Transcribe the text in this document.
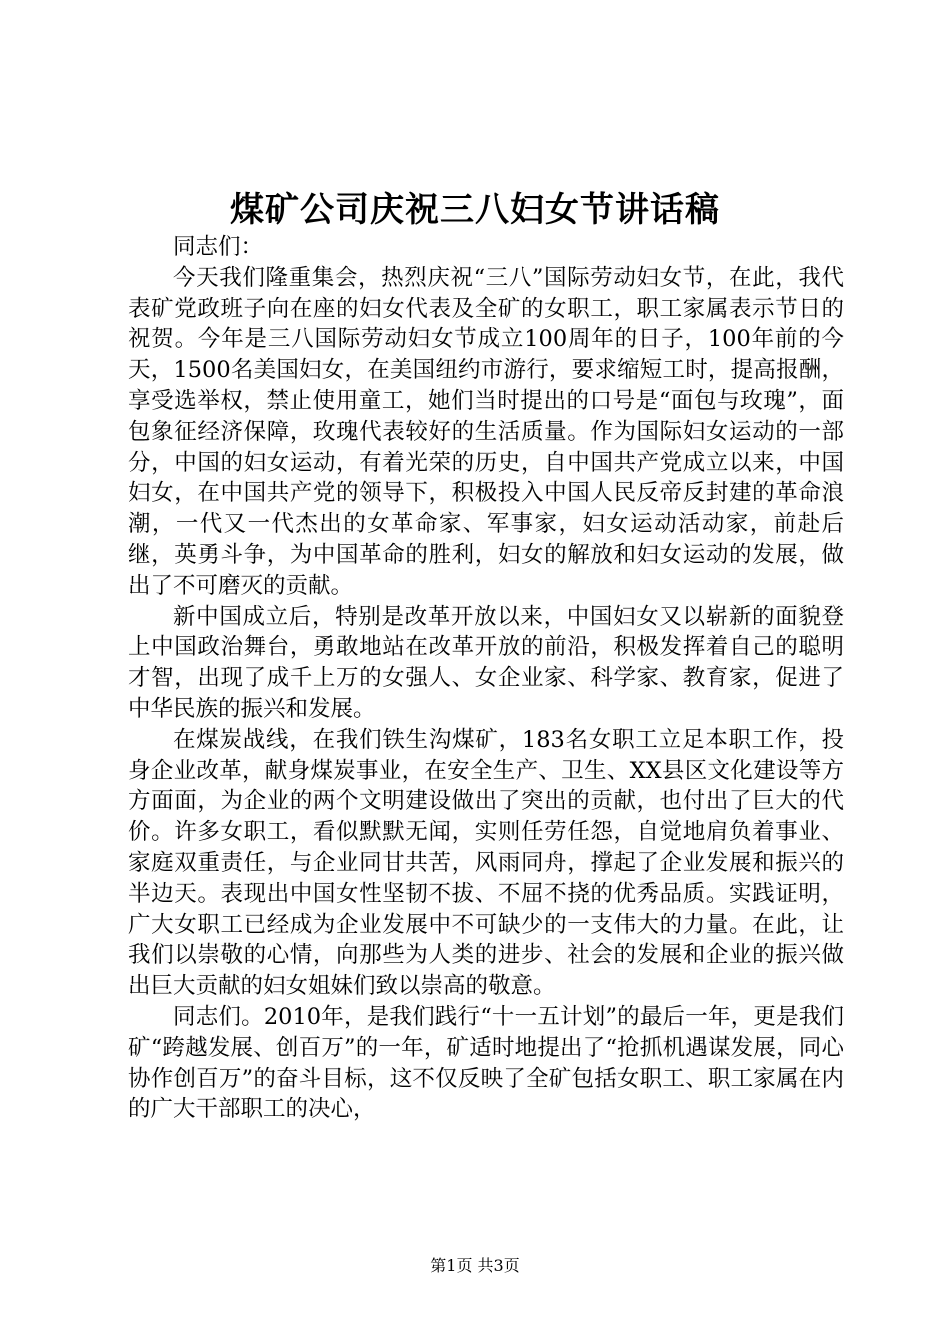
煤矿公司庆祝三八妇女节讲话稿

同志们：

今天我们隆重集会，热烈庆祝“三八”国际劳动妇女节，在此，我代表矿党政班子向在座的妇女代表及全矿的女职工，职工家属表示节日的祝贺。今年是三八国际劳动妇女节成立100周年的日子，100年前的今天，1500名美国妇女，在美国纽约市游行，要求缩短工时，提高报酬，享受选举权，禁止使用童工，她们当时提出的口号是“面包与玫瑰”，面包象征经济保障，玫瑰代表较好的生活质量。作为国际妇女运动的一部分，中国的妇女运动，有着光荣的历史，自中国共产党成立以来，中国妇女，在中国共产党的领导下，积极投入中国人民反帝反封建的革命浪潮，一代又一代杰出的女革命家、军事家，妇女运动活动家，前赴后继，英勇斗争，为中国革命的胜利，妇女的解放和妇女运动的发展，做出了不可磨灭的贡献。

新中国成立后，特别是改革开放以来，中国妇女又以崭新的面貌登上中国政治舞台，勇敢地站在改革开放的前沿，积极发挥着自己的聪明才智，出现了成千上万的女强人、女企业家、科学家、教育家，促进了中华民族的振兴和发展。

在煤炭战线，在我们铁生沟煤矿，183名女职工立足本职工作，投身企业改革，献身煤炭事业，在安全生产、卫生、XX县区文化建设等方方面面，为企业的两个文明建设做出了突出的贡献，也付出了巨大的代价。许多女职工，看似默默无闻，实则任劳任怨，自觉地肩负着事业、家庭双重责任，与企业同甘共苦，风雨同舟，撑起了企业发展和振兴的半边天。表现出中国女性坚韧不拔、不屈不挠的优秀品质。实践证明，广大女职工已经成为企业发展中不可缺少的一支伟大的力量。在此，让我们以崇敬的心情，向那些为人类的进步、社会的发展和企业的振兴做出巨大贡献的妇女姐妹们致以崇高的敬意。

同志们。2010年，是我们践行“十一五计划”的最后一年，更是我们矿“跨越发展、创百万”的一年，矿适时地提出了“抢抓机遇谋发展，同心协作创百万”的奋斗目标，这不仅反映了全矿包括女职工、职工家属在内的广大干部职工的决心，

第1页 共3页
